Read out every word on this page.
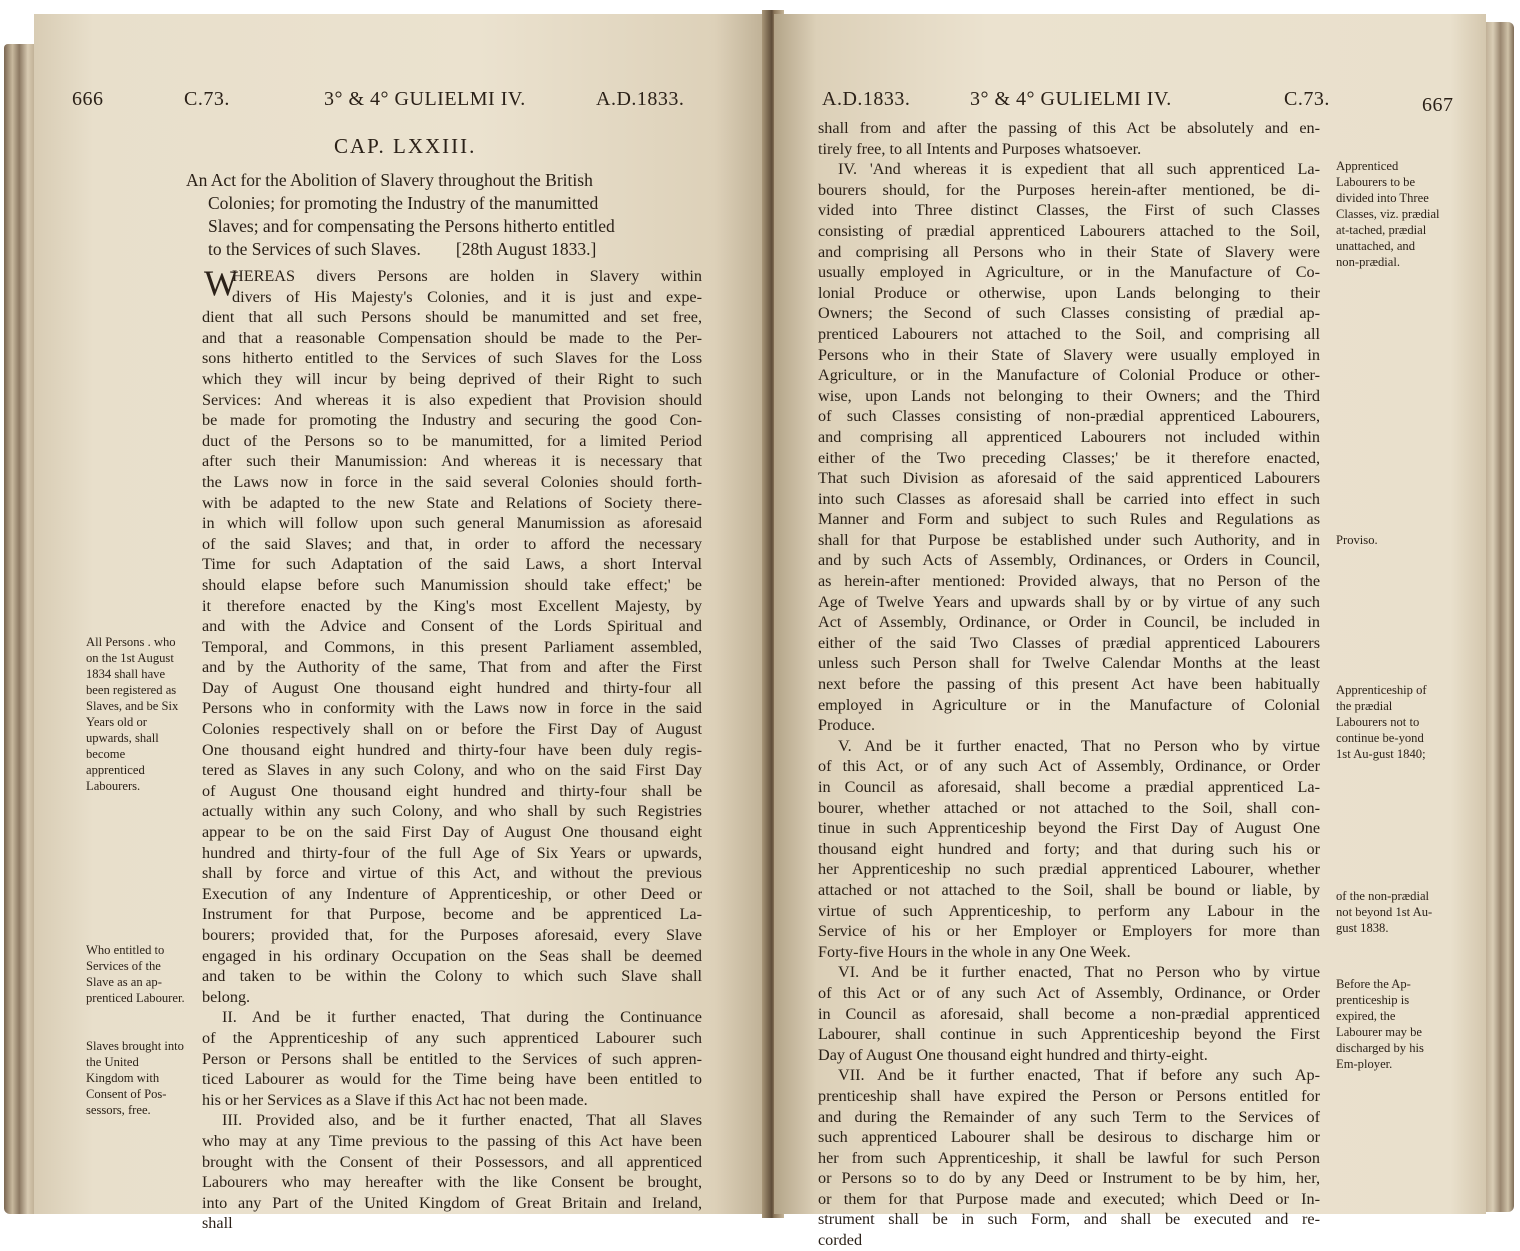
666	C.73.	3° & 4° GULIELMI IV.	A.D.1833.
CAP. LXXIII.

An Act for the Abolition of Slavery throughout the British

Colonies; for promoting the Industry of the manumitted

Slaves; and for compensating the Persons hitherto entitled

to the Services of such Slaves.        [28th August 1833.]

W

HEREAS divers Persons are holden in Slavery within

divers of His Majesty's Colonies, and it is just and expe-

dient that all such Persons should be manumitted and set free,

and that a reasonable Compensation should be made to the Per-

sons hitherto entitled to the Services of such Slaves for the Loss

which they will incur by being deprived of their Right to such

Services: And whereas it is also expedient that Provision should

be made for promoting the Industry and securing the good Con-

duct of the Persons so to be manumitted, for a limited Period

after such their Manumission: And whereas it is necessary that

the Laws now in force in the said several Colonies should forth-

with be adapted to the new State and Relations of Society there-

in which will follow upon such general Manumission as aforesaid

of the said Slaves; and that, in order to afford the necessary

Time for such Adaptation of the said Laws, a short Interval

should elapse before such Manumission should take effect;' be

it therefore enacted by the King's most Excellent Majesty, by

and with the Advice and Consent of the Lords Spiritual and

Temporal, and Commons, in this present Parliament assembled,

and by the Authority of the same, That from and after the First

Day of August One thousand eight hundred and thirty-four all

Persons who in conformity with the Laws now in force in the said

Colonies respectively shall on or before the First Day of August

One thousand eight hundred and thirty-four have been duly regis-

tered as Slaves in any such Colony, and who on the said First Day

of August One thousand eight hundred and thirty-four shall be

actually within any such Colony, and who shall by such Registries

appear to be on the said First Day of August One thousand eight

hundred and thirty-four of the full Age of Six Years or upwards,

shall by force and virtue of this Act, and without the previous

Execution of any Indenture of Apprenticeship, or other Deed or

Instrument for that Purpose, become and be apprenticed La-

bourers; provided that, for the Purposes aforesaid, every Slave

engaged in his ordinary Occupation on the Seas shall be deemed

and taken to be within the Colony to which such Slave shall

belong.

II. And be it further enacted, That during the Continuance

of the Apprenticeship of any such apprenticed Labourer such

Person or Persons shall be entitled to the Services of such appren-

ticed Labourer as would for the Time being have been entitled to

his or her Services as a Slave if this Act hac not been made.

III. Provided also, and be it further enacted, That all Slaves

who may at any Time previous to the passing of this Act have been

brought with the Consent of their Possessors, and all apprenticed

Labourers who may hereafter with the like Consent be brought,

into any Part of the United Kingdom of Great Britain and Ireland,

shall

All Persons . who on the 1st August 1834 shall have been registered as Slaves, and be Six Years old or upwards, shall become apprenticed Labourers.
Who entitled to Services of the Slave as an ap-prenticed Labourer.
Slaves brought into the United Kingdom with Consent of Pos-sessors, free.
A.D.1833.	3° & 4° GULIELMI IV.	C.73.	667

shall from and after the passing of this Act be absolutely and en-

tirely free, to all Intents and Purposes whatsoever.

IV. 'And whereas it is expedient that all such apprenticed La-

bourers should, for the Purposes herein-after mentioned, be di-

vided into Three distinct Classes, the First of such Classes

consisting of prædial apprenticed Labourers attached to the Soil,

and comprising all Persons who in their State of Slavery were

usually employed in Agriculture, or in the Manufacture of Co-

lonial Produce or otherwise, upon Lands belonging to their

Owners; the Second of such Classes consisting of prædial ap-

prenticed Labourers not attached to the Soil, and comprising all

Persons who in their State of Slavery were usually employed in

Agriculture, or in the Manufacture of Colonial Produce or other-

wise, upon Lands not belonging to their Owners; and the Third

of such Classes consisting of non-prædial apprenticed Labourers,

and comprising all apprenticed Labourers not included within

either of the Two preceding Classes;' be it therefore enacted,

That such Division as aforesaid of the said apprenticed Labourers

into such Classes as aforesaid shall be carried into effect in such

Manner and Form and subject to such Rules and Regulations as

shall for that Purpose be established under such Authority, and in

and by such Acts of Assembly, Ordinances, or Orders in Council,

as herein-after mentioned: Provided always, that no Person of the

Age of Twelve Years and upwards shall by or by virtue of any such

Act of Assembly, Ordinance, or Order in Council, be included in

either of the said Two Classes of prædial apprenticed Labourers

unless such Person shall for Twelve Calendar Months at the least

next before the passing of this present Act have been habitually

employed in Agriculture or in the Manufacture of Colonial

Produce.

V. And be it further enacted, That no Person who by virtue

of this Act, or of any such Act of Assembly, Ordinance, or Order

in Council as aforesaid, shall become a prædial apprenticed La-

bourer, whether attached or not attached to the Soil, shall con-

tinue in such Apprenticeship beyond the First Day of August One

thousand eight hundred and forty; and that during such his or

her Apprenticeship no such prædial apprenticed Labourer, whether

attached or not attached to the Soil, shall be bound or liable, by

virtue of such Apprenticeship, to perform any Labour in the

Service of his or her Employer or Employers for more than

Forty-five Hours in the whole in any One Week.

VI. And be it further enacted, That no Person who by virtue

of this Act or of any such Act of Assembly, Ordinance, or Order

in Council as aforesaid, shall become a non-prædial apprenticed

Labourer, shall continue in such Apprenticeship beyond the First

Day of August One thousand eight hundred and thirty-eight.

VII. And be it further enacted, That if before any such Ap-

prenticeship shall have expired the Person or Persons entitled for

and during the Remainder of any such Term to the Services of

such apprenticed Labourer shall be desirous to discharge him or

her from such Apprenticeship, it shall be lawful for such Person

or Persons so to do by any Deed or Instrument to be by him, her,

or them for that Purpose made and executed; which Deed or In-

strument shall be in such Form, and shall be executed and re-

corded

Apprenticed Labourers to be divided into Three Classes, viz. prædial at-tached, prædial unattached, and non-prædial.
Proviso.
Apprenticeship of the prædial Labourers not to continue be-yond 1st Au-gust 1840;
of the non-prædial not beyond 1st Au-gust 1838.
Before the Ap-prenticeship is expired, the Labourer may be discharged by his Em-ployer.
